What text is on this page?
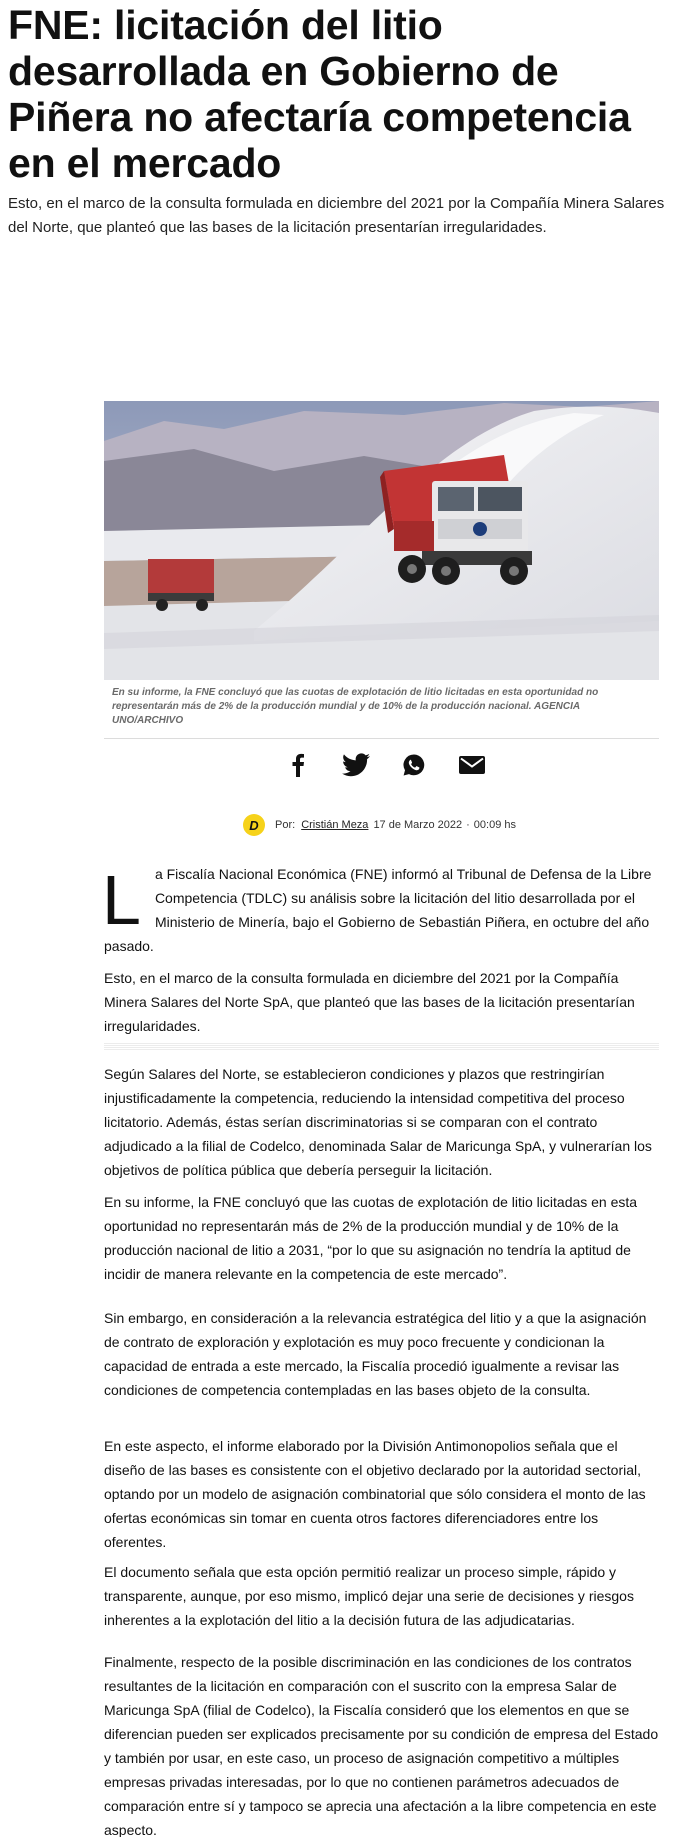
FNE: licitación del litio desarrollada en Gobierno de Piñera no afectaría competencia en el mercado

Esto, en el marco de la consulta formulada en diciembre del 2021 por la Compañía Minera Salares del Norte, que planteó que las bases de la licitación presentarían irregularidades.

En su informe, la FNE concluyó que las cuotas de explotación de litio licitadas en esta oportunidad no representarán más de 2% de la producción mundial y de 10% de la producción nacional. AGENCIA UNO/ARCHIVO

D	Por: Cristián Meza 17 de Marzo 2022 · 00:09 hs
L a Fiscalía Nacional Económica (FNE) informó al Tribunal de Defensa de la Libre Competencia (TDLC) su análisis sobre la licitación del litio desarrollada por el Ministerio de Minería, bajo el Gobierno de Sebastián Piñera, en octubre del año pasado.

Esto, en el marco de la consulta formulada en diciembre del 2021 por la Compañía Minera Salares del Norte SpA, que planteó que las bases de la licitación presentarían irregularidades.

Según Salares del Norte, se establecieron condiciones y plazos que restringirían injustificadamente la competencia, reduciendo la intensidad competitiva del proceso licitatorio. Además, éstas serían discriminatorias si se comparan con el contrato adjudicado a la filial de Codelco, denominada Salar de Maricunga SpA, y vulnerarían los objetivos de política pública que debería perseguir la licitación.

En su informe, la FNE concluyó que las cuotas de explotación de litio licitadas en esta oportunidad no representarán más de 2% de la producción mundial y de 10% de la producción nacional de litio a 2031, “por lo que su asignación no tendría la aptitud de incidir de manera relevante en la competencia de este mercado”.

Sin embargo, en consideración a la relevancia estratégica del litio y a que la asignación de contrato de exploración y explotación es muy poco frecuente y condicionan la capacidad de entrada a este mercado, la Fiscalía procedió igualmente a revisar las condiciones de competencia contempladas en las bases objeto de la consulta.

En este aspecto, el informe elaborado por la División Antimonopolios señala que el diseño de las bases es consistente con el objetivo declarado por la autoridad sectorial, optando por un modelo de asignación combinatorial que sólo considera el monto de las ofertas económicas sin tomar en cuenta otros factores diferenciadores entre los oferentes.

El documento señala que esta opción permitió realizar un proceso simple, rápido y transparente, aunque, por eso mismo, implicó dejar una serie de decisiones y riesgos inherentes a la explotación del litio a la decisión futura de las adjudicatarias.

Finalmente, respecto de la posible discriminación en las condiciones de los contratos resultantes de la licitación en comparación con el suscrito con la empresa Salar de Maricunga SpA (filial de Codelco), la Fiscalía consideró que los elementos en que se diferencian pueden ser explicados precisamente por su condición de empresa del Estado y también por usar, en este caso, un proceso de asignación competitivo a múltiples empresas privadas interesadas, por lo que no contienen parámetros adecuados de comparación entre sí y tampoco se aprecia una afectación a la libre competencia en este aspecto.
